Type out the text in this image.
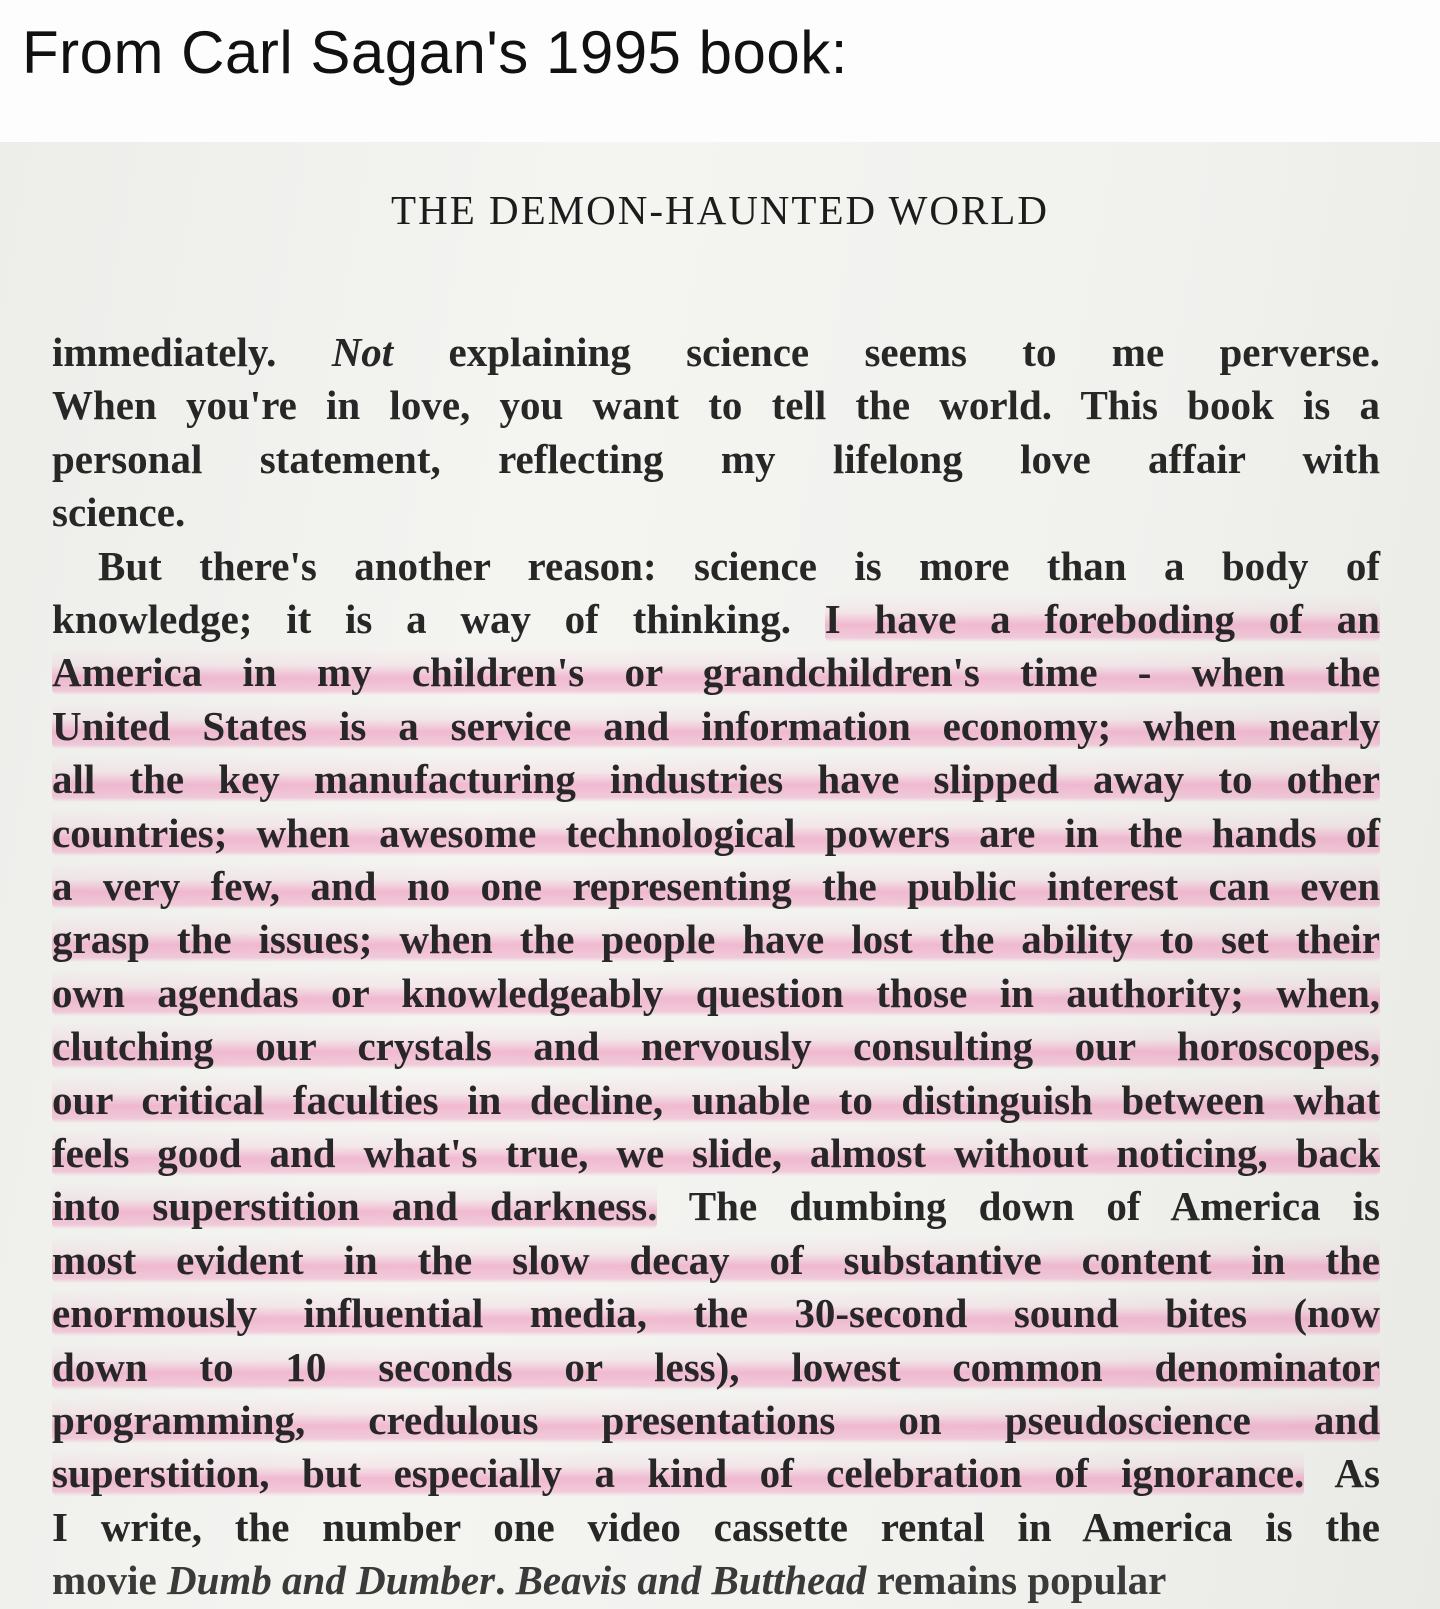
From Carl Sagan's 1995 book:
THE DEMON-HAUNTED WORLD
immediately. Not explaining science seems to me perverse.
When you're in love, you want to tell the world. This book is a
personal statement, reflecting my lifelong love affair with
science.
But there's another reason: science is more than a body of
knowledge; it is a way of thinking. I have a foreboding of an
America in my children's or grandchildren's time - when the
United States is a service and information economy; when nearly
all the key manufacturing industries have slipped away to other
countries; when awesome technological powers are in the hands of
a very few, and no one representing the public interest can even
grasp the issues; when the people have lost the ability to set their
own agendas or knowledgeably question those in authority; when,
clutching our crystals and nervously consulting our horoscopes,
our critical faculties in decline, unable to distinguish between what
feels good and what's true, we slide, almost without noticing, back
into superstition and darkness. The dumbing down of America is
most evident in the slow decay of substantive content in the
enormously influential media, the 30-second sound bites (now
down to 10 seconds or less), lowest common denominator
programming, credulous presentations on pseudoscience and
superstition, but especially a kind of celebration of ignorance. As
I write, the number one video cassette rental in America is the
movie Dumb and Dumber. Beavis and Butthead remains popular
